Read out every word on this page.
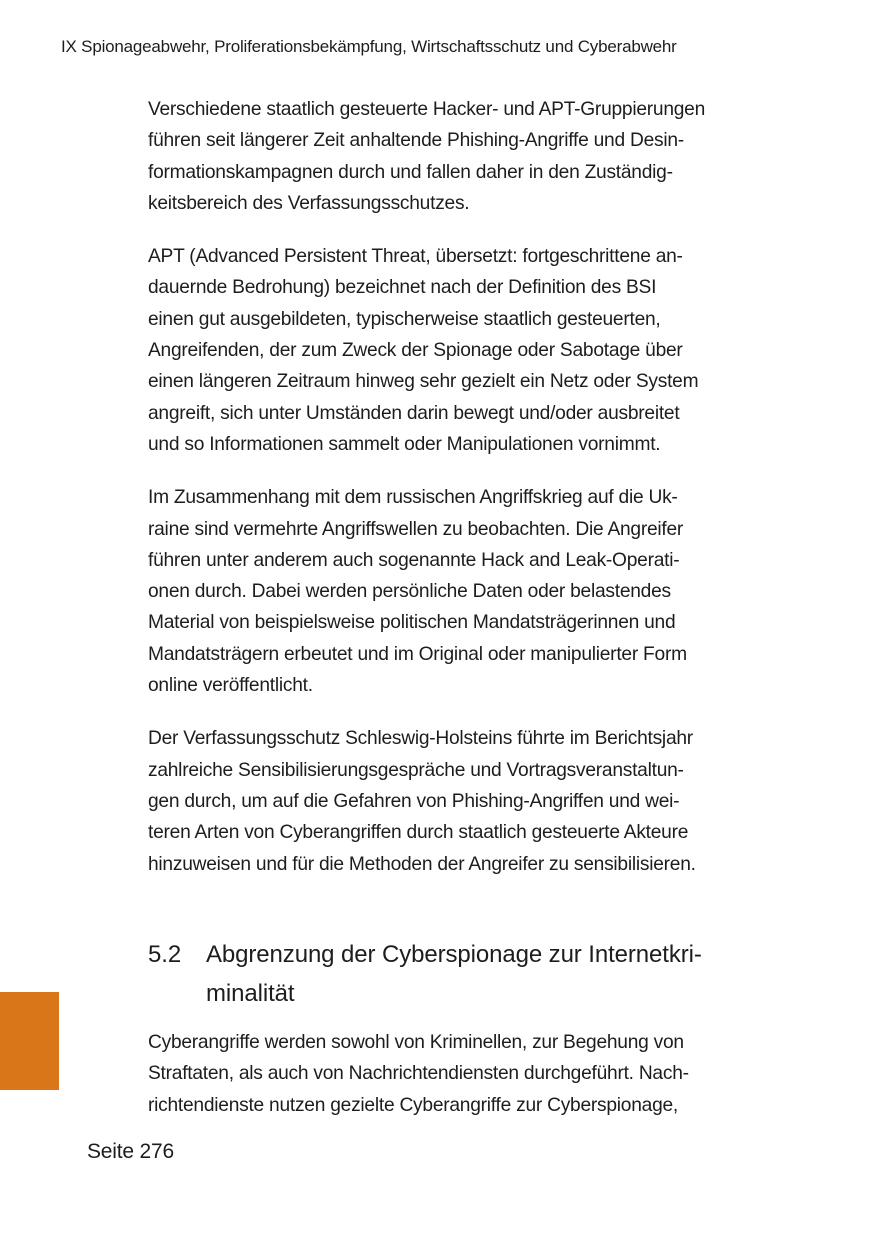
IX Spionageabwehr, Proliferationsbekämpfung, Wirtschaftsschutz und Cyberabwehr

Verschiedene staatlich gesteuerte Hacker- und APT-Gruppierungen
führen seit längerer Zeit anhaltende Phishing-Angriffe und Desin-
formationskampagnen durch und fallen daher in den Zuständig-
keitsbereich des Verfassungsschutzes.

APT (Advanced Persistent Threat, übersetzt: fortgeschrittene an-
dauernde Bedrohung) bezeichnet nach der Definition des BSI
einen gut ausgebildeten, typischerweise staatlich gesteuerten,
Angreifenden, der zum Zweck der Spionage oder Sabotage über
einen längeren Zeitraum hinweg sehr gezielt ein Netz oder System
angreift, sich unter Umständen darin bewegt und/oder ausbreitet
und so Informationen sammelt oder Manipulationen vornimmt.

Im Zusammenhang mit dem russischen Angriffskrieg auf die Uk-
raine sind vermehrte Angriffswellen zu beobachten. Die Angreifer
führen unter anderem auch sogenannte Hack and Leak-Operati-
onen durch. Dabei werden persönliche Daten oder belastendes
Material von beispielsweise politischen Mandatsträgerinnen und
Mandatsträgern erbeutet und im Original oder manipulierter Form
online veröffentlicht.

Der Verfassungsschutz Schleswig-Holsteins führte im Berichtsjahr
zahlreiche Sensibilisierungsgespräche und Vortragsveranstaltun-
gen durch, um auf die Gefahren von Phishing-Angriffen und wei-
teren Arten von Cyberangriffen durch staatlich gesteuerte Akteure
hinzuweisen und für die Methoden der Angreifer zu sensibilisieren.

5.2	Abgrenzung der Cyberspionage zur Internetkri-
minalität

Cyberangriffe werden sowohl von Kriminellen, zur Begehung von
Straftaten, als auch von Nachrichtendiensten durchgeführt. Nach-
richtendienste nutzen gezielte Cyberangriffe zur Cyberspionage,

Seite 276
